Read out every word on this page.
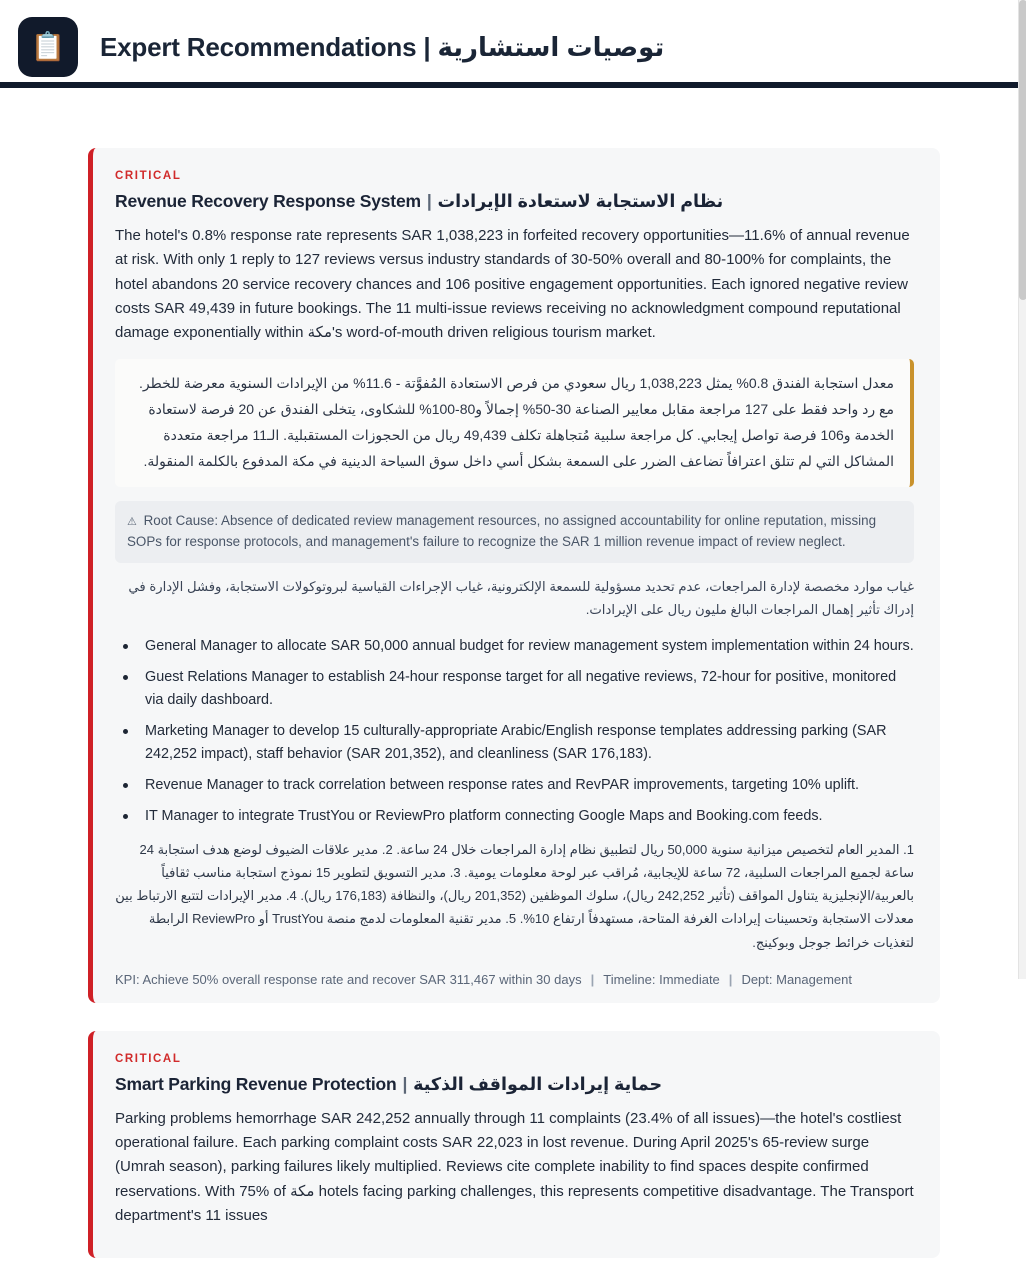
📋 Expert Recommendations | توصيات استشارية
CRITICAL
Revenue Recovery Response System | نظام الاستجابة لاستعادة الإيرادات

The hotel's 0.8% response rate represents SAR 1,038,223 in forfeited recovery opportunities—11.6% of annual revenue at risk. With only 1 reply to 127 reviews versus industry standards of 30-50% overall and 80-100% for complaints, the hotel abandons 20 service recovery chances and 106 positive engagement opportunities. Each ignored negative review costs SAR 49,439 in future bookings. The 11 multi-issue reviews receiving no acknowledgment compound reputational damage exponentially within مكة's word-of-mouth driven religious tourism market.

معدل استجابة الفندق 0.8% يمثل 1,038,223 ريال سعودي من فرص الاستعادة المُفوَّتة - 11.6% من الإيرادات السنوية معرضة للخطر. مع رد واحد فقط على 127 مراجعة مقابل معايير الصناعة 30-50% إجمالاً و80-100% للشكاوى، يتخلى الفندق عن 20 فرصة لاستعادة الخدمة و106 فرصة تواصل إيجابي. كل مراجعة سلبية مُتجاهلة تكلف 49,439 ريال من الحجوزات المستقبلية. الـ11 مراجعة متعددة المشاكل التي لم تتلق اعترافاً تضاعف الضرر على السمعة بشكل أسي داخل سوق السياحة الدينية في مكة المدفوع بالكلمة المنقولة.
⚠ Root Cause: Absence of dedicated review management resources, no assigned accountability for online reputation, missing SOPs for response protocols, and management's failure to recognize the SAR 1 million revenue impact of review neglect.
غياب موارد مخصصة لإدارة المراجعات، عدم تحديد مسؤولية للسمعة الإلكترونية، غياب الإجراءات القياسية لبروتوكولات الاستجابة، وفشل الإدارة في إدراك تأثير إهمال المراجعات البالغ مليون ريال على الإيرادات.
General Manager to allocate SAR 50,000 annual budget for review management system implementation within 24 hours.
Guest Relations Manager to establish 24-hour response target for all negative reviews, 72-hour for positive, monitored via daily dashboard.
Marketing Manager to develop 15 culturally-appropriate Arabic/English response templates addressing parking (SAR 242,252 impact), staff behavior (SAR 201,352), and cleanliness (SAR 176,183).
Revenue Manager to track correlation between response rates and RevPAR improvements, targeting 10% uplift.
IT Manager to integrate TrustYou or ReviewPro platform connecting Google Maps and Booking.com feeds.
1. المدير العام لتخصيص ميزانية سنوية 50,000 ريال لتطبيق نظام إدارة المراجعات خلال 24 ساعة. 2. مدير علاقات الضيوف لوضع هدف استجابة 24 ساعة لجميع المراجعات السلبية، 72 ساعة للإيجابية، مُراقب عبر لوحة معلومات يومية. 3. مدير التسويق لتطوير 15 نموذج استجابة مناسب ثقافياً بالعربية/الإنجليزية يتناول المواقف (تأثير 242,252 ريال)، سلوك الموظفين (201,352 ريال)، والنظافة (176,183 ريال). 4. مدير الإيرادات لتتبع الارتباط بين معدلات الاستجابة وتحسينات إيرادات الغرفة المتاحة، مستهدفاً ارتفاع 10%. 5. مدير تقنية المعلومات لدمج منصة TrustYou أو ReviewPro الرابطة لتغذيات خرائط جوجل وبوكينج.
KPI: Achieve 50% overall response rate and recover SAR 311,467 within 30 days | Timeline: Immediate | Dept: Management
CRITICAL
Smart Parking Revenue Protection | حماية إيرادات المواقف الذكية

Parking problems hemorrhage SAR 242,252 annually through 11 complaints (23.4% of all issues)—the hotel's costliest operational failure. Each parking complaint costs SAR 22,023 in lost revenue. During April 2025's 65-review surge (Umrah season), parking failures likely multiplied. Reviews cite complete inability to find spaces despite confirmed reservations. With 75% of مكة hotels facing parking challenges, this represents competitive disadvantage. The Transport department's 11 issues
